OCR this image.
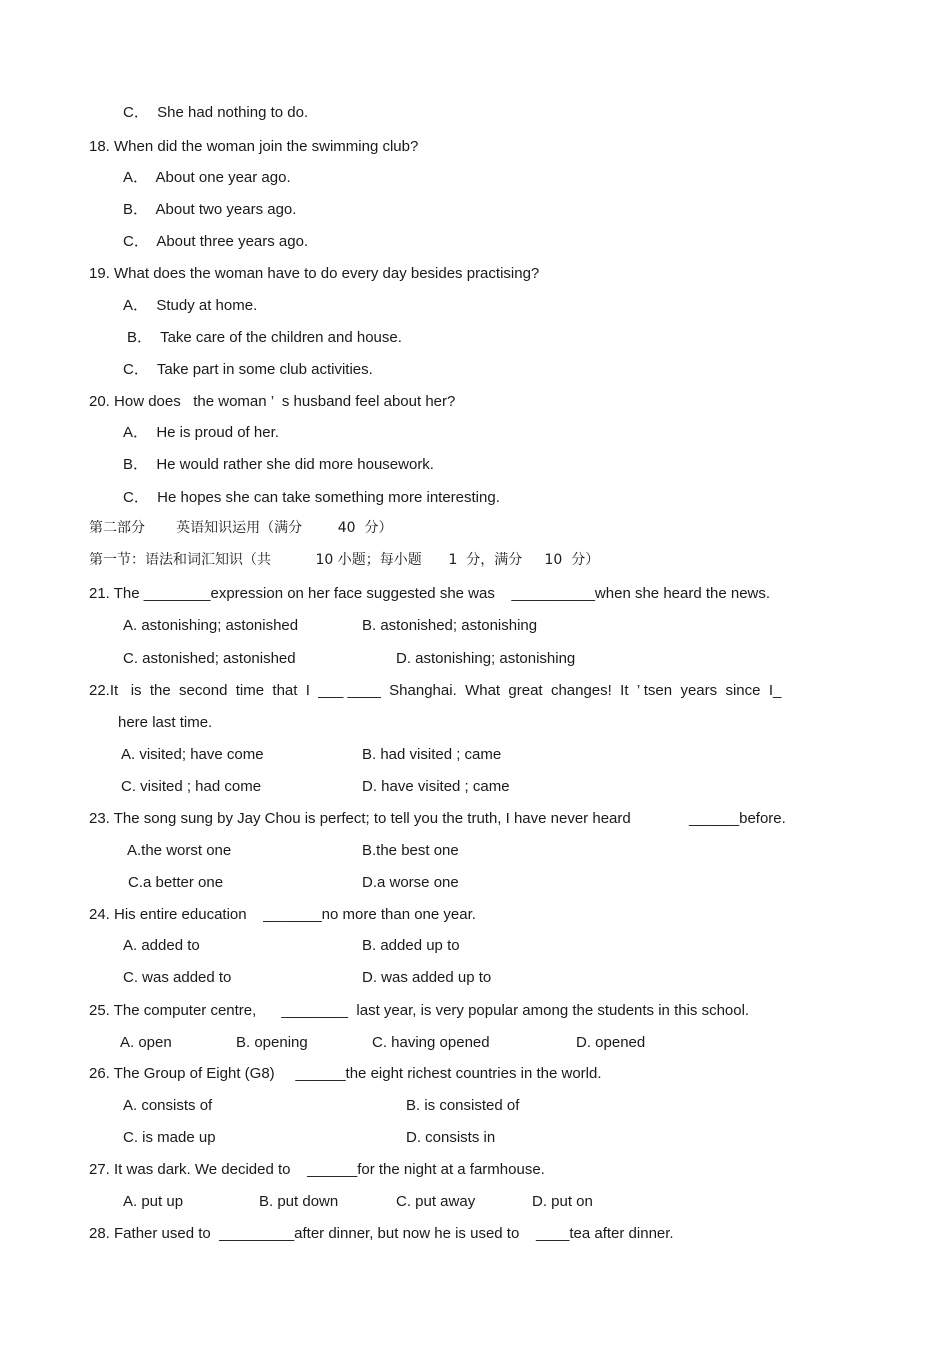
C．  She had nothing to do.
18. When did the woman join the swimming club?
A．  About one year ago.
B．  About two years ago.
C．  About three years ago.
19. What does the woman have to do every day besides practising?
A．  Study at home.
B．  Take care of the children and house.
C．  Take part in some club activities.
20. How does   the woman ’  s husband feel about her?
A．  He is proud of her.
B．  He would rather she did more housework.
C．  He hopes she can take something more interesting.
第二部分       英语知识运用（满分        40  分）
第一节：语法和词汇知识（共          10 小题；每小题      1  分，满分     10  分）
21. The ________expression on her face suggested she was    __________when she heard the news.
A. astonishing; astonished	B. astonished; astonishing
C. astonished; astonished	D. astonishing; astonishing
22.It   is  the  second  time  that  I  ___ ____  Shanghai.  What  great  changes!  It  ’ tsen  years  since  I_
here last time.
A. visited; have come	B. had visited ; came
C. visited ; had come	D. have visited ; came
23. The song sung by Jay Chou is perfect; to tell you the truth, I have never heard              ______before.
A.the worst one	B.the best one
C.a better one	D.a worse one
24. His entire education    _______no more than one year.
A. added to	B. added up to
C. was added to	D. was added up to
25. The computer centre,      ________  last year, is very popular among the students in this school.
A. open	B. opening	C. having opened	D. opened
26. The Group of Eight (G8)     ______the eight richest countries in the world.
A. consists of	B. is consisted of
C. is made up	D. consists in
27. It was dark. We decided to    ______for the night at a farmhouse.
A. put up	B. put down	C. put away	D. put on
28. Father used to  _________after dinner, but now he is used to    ____tea after dinner.
